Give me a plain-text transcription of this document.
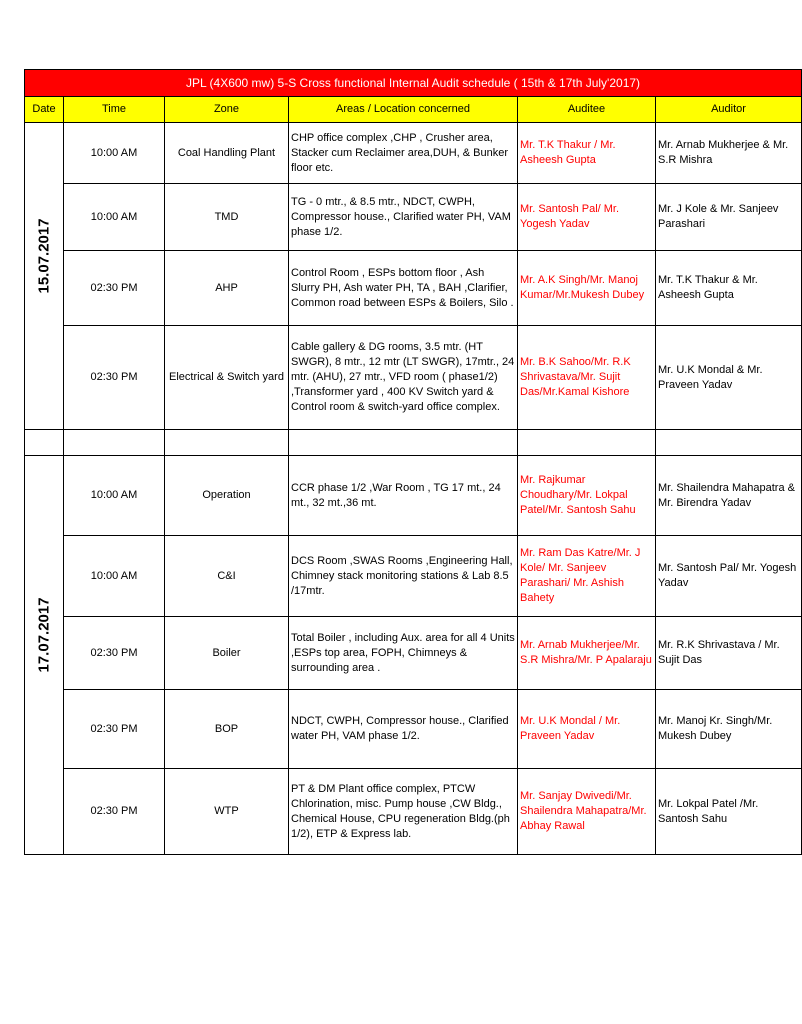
JPL (4X600 mw) 5-S Cross functional Internal Audit schedule ( 15th & 17th July'2017)					
Date	Time	Zone	Areas / Location concerned	Auditee	Auditor

15.07.2017	10:00 AM	Coal Handling Plant	CHP office complex ,CHP , Crusher area, Stacker cum Reclaimer area,DUH, & Bunker floor etc.	Mr. T.K Thakur / Mr. Asheesh Gupta	Mr. Arnab Mukherjee & Mr. S.R Mishra
	10:00 AM	TMD	TG - 0 mtr., & 8.5 mtr., NDCT, CWPH, Compressor house., Clarified water PH, VAM phase 1/2.	Mr. Santosh Pal/ Mr. Yogesh Yadav	Mr. J Kole & Mr. Sanjeev Parashari
	02:30 PM	AHP	Control Room , ESPs bottom floor , Ash Slurry PH, Ash water PH, TA , BAH ,Clarifier, Common road between ESPs & Boilers, Silo .	Mr. A.K Singh/Mr. Manoj Kumar/Mr.Mukesh Dubey	Mr. T.K Thakur & Mr. Asheesh Gupta
	02:30 PM	Electrical & Switch yard	Cable gallery & DG rooms, 3.5 mtr. (HT SWGR), 8 mtr., 12 mtr (LT SWGR), 17mtr., 24 mtr. (AHU), 27 mtr., VFD room ( phase1/2) ,Transformer yard , 400 KV Switch yard & Control room & switch-yard office complex.	Mr. B.K Sahoo/Mr. R.K Shrivastava/Mr. Sujit Das/Mr.Kamal Kishore	Mr. U.K Mondal & Mr. Praveen Yadav

17.07.2017	10:00 AM	Operation	CCR phase 1/2 ,War Room , TG 17 mt., 24 mt., 32 mt.,36 mt.	Mr. Rajkumar Choudhary/Mr. Lokpal Patel/Mr. Santosh Sahu	Mr. Shailendra Mahapatra & Mr. Birendra Yadav
	10:00 AM	C&I	DCS Room ,SWAS Rooms ,Engineering Hall, Chimney stack monitoring stations & Lab 8.5 /17mtr.	Mr. Ram Das Katre/Mr. J Kole/ Mr. Sanjeev Parashari/ Mr. Ashish Bahety	Mr. Santosh Pal/ Mr. Yogesh Yadav
	02:30 PM	Boiler	Total Boiler , including Aux. area for all 4 Units ,ESPs top area, FOPH, Chimneys & surrounding area .	Mr. Arnab Mukherjee/Mr. S.R Mishra/Mr. P Apalaraju	Mr. R.K Shrivastava / Mr. Sujit Das
	02:30 PM	BOP	NDCT, CWPH, Compressor house., Clarified water PH, VAM phase 1/2.	Mr. U.K Mondal / Mr. Praveen Yadav	Mr. Manoj Kr. Singh/Mr. Mukesh Dubey
	02:30 PM	WTP	PT & DM Plant office complex, PTCW Chlorination, misc. Pump house ,CW Bldg., Chemical House, CPU regeneration Bldg.(ph 1/2), ETP & Express lab.	Mr. Sanjay Dwivedi/Mr. Shailendra Mahapatra/Mr. Abhay Rawal	Mr. Lokpal Patel /Mr. Santosh Sahu
